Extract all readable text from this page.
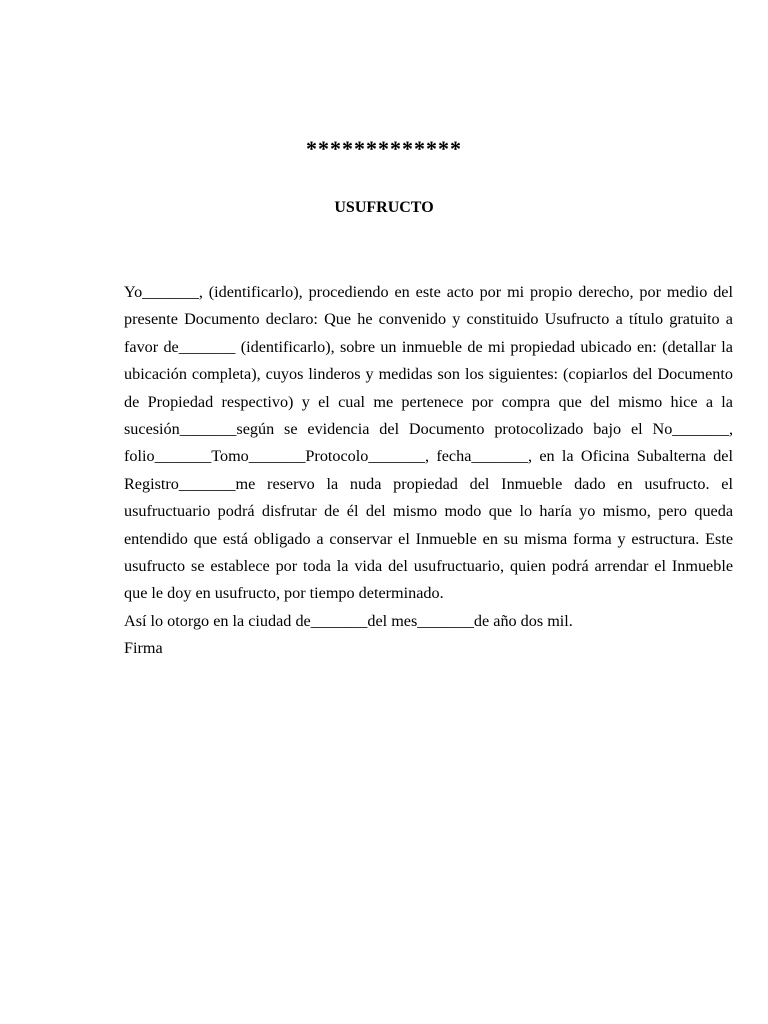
*************
USUFRUCTO

Yo_______, (identificarlo), procediendo en este acto por mi propio derecho, por medio del presente Documento declaro: Que he convenido y constituido Usufructo a título gratuito a favor de_______ (identificarlo), sobre un inmueble de mi propiedad ubicado en: (detallar la ubicación completa), cuyos linderos y medidas son los siguientes: (copiarlos del Documento de Propiedad respectivo) y el cual me pertenece por compra que del mismo hice a la sucesión_______según se evidencia del Documento protocolizado bajo el No_______, folio_______Tomo_______Protocolo_______, fecha_______, en la Oficina Subalterna del Registro_______me reservo la nuda propiedad del Inmueble dado en usufructo. el usufructuario podrá disfrutar de él del mismo modo que lo haría yo mismo, pero queda entendido que está obligado a conservar el Inmueble en su misma forma y estructura. Este usufructo se establece por toda la vida del usufructuario, quien podrá arrendar el Inmueble que le doy en usufructo, por tiempo determinado.

Así lo otorgo en la ciudad de_______del mes_______de año dos mil.

Firma
